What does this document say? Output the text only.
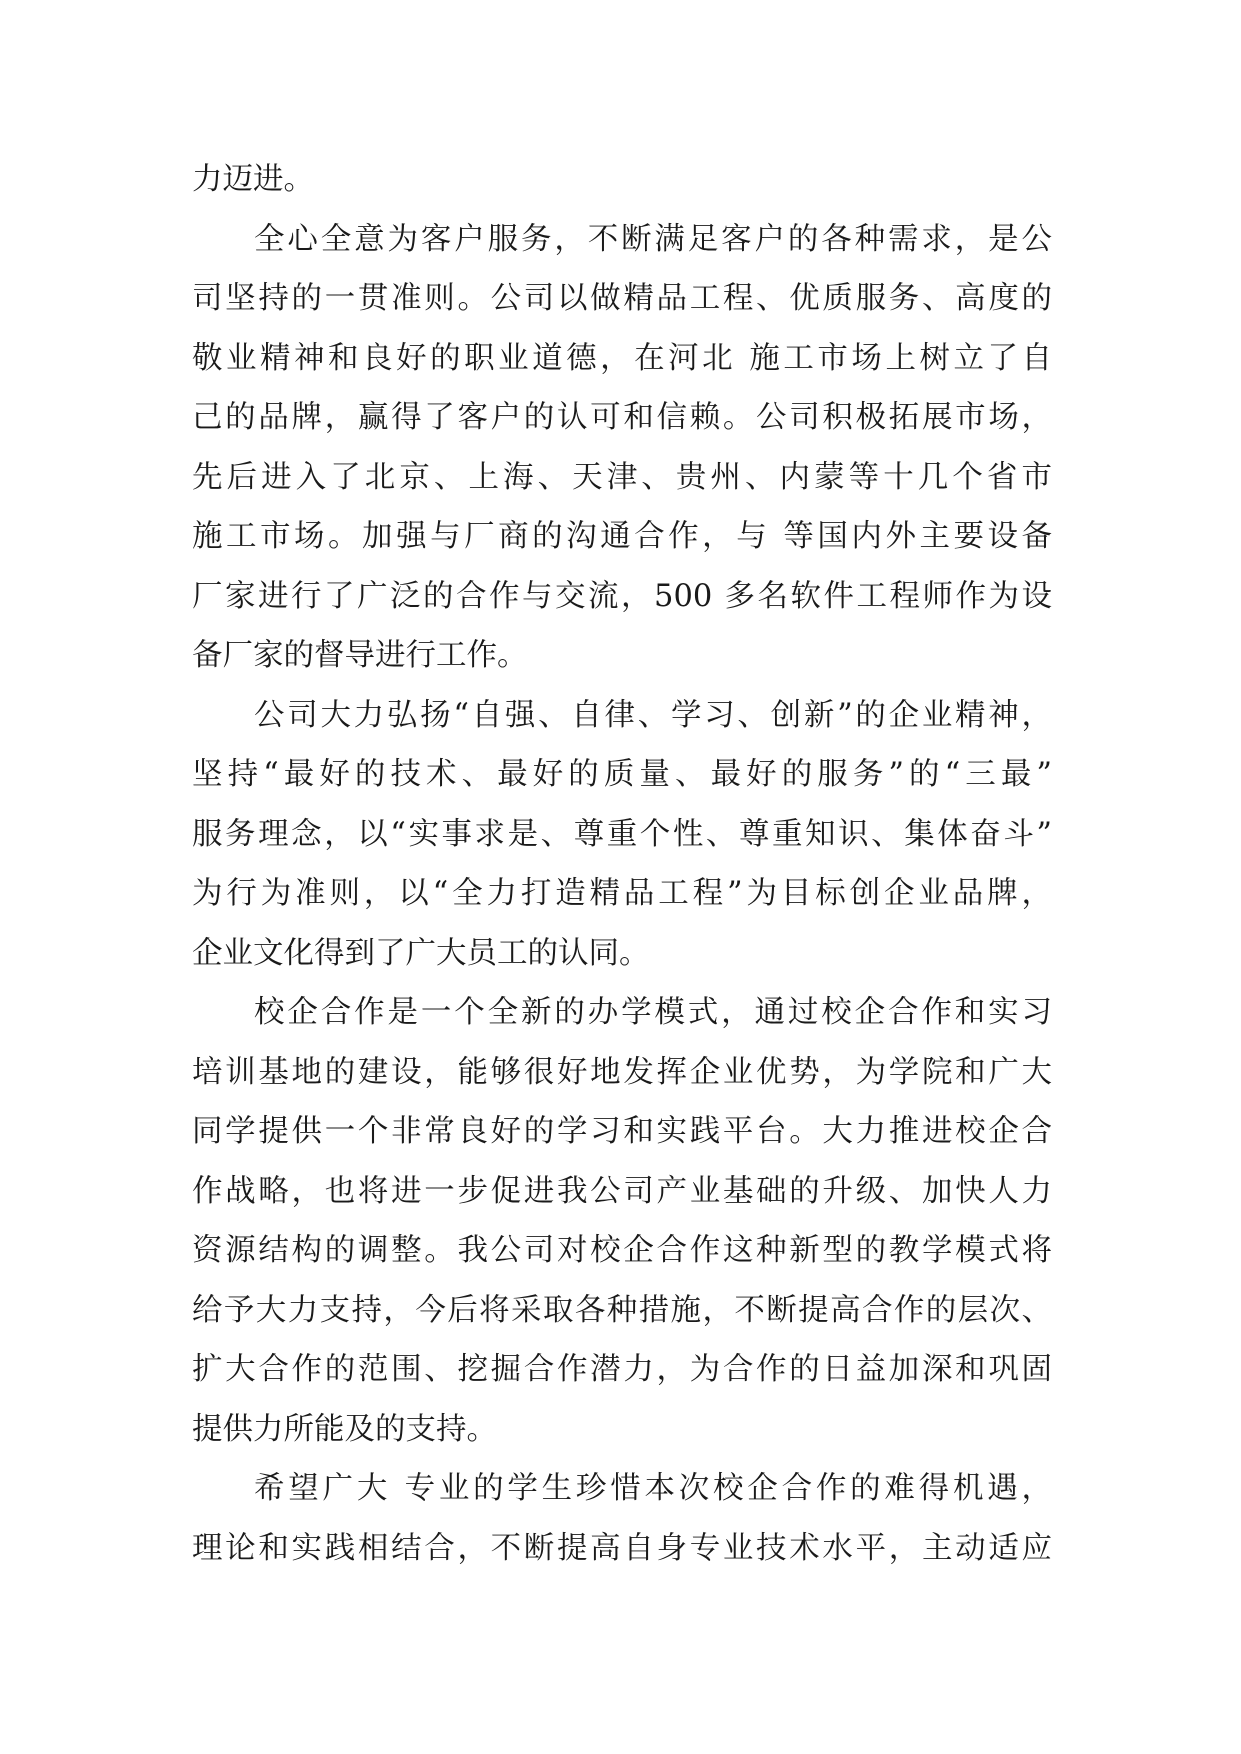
力迈进。
全心全意为客户服务，不断满足客户的各种需求，是公
司坚持的一贯准则。公司以做精品工程、优质服务、高度的
敬业精神和良好的职业道德，在河北 施工市场上树立了自
己的品牌，赢得了客户的认可和信赖。公司积极拓展市场，
先后进入了北京、上海、天津、贵州、内蒙等十几个省市
施工市场。加强与厂商的沟通合作，与 等国内外主要设备
厂家进行了广泛的合作与交流，500 多名软件工程师作为设
备厂家的督导进行工作。
公司大力弘扬“自强、自律、学习、创新”的企业精神，
坚持“最好的技术、最好的质量、最好的服务”的“三最”
服务理念，以“实事求是、尊重个性、尊重知识、集体奋斗”
为行为准则，以“全力打造精品工程”为目标创企业品牌，
企业文化得到了广大员工的认同。
校企合作是一个全新的办学模式，通过校企合作和实习
培训基地的建设，能够很好地发挥企业优势，为学院和广大
同学提供一个非常良好的学习和实践平台。大力推进校企合
作战略，也将进一步促进我公司产业基础的升级、加快人力
资源结构的调整。我公司对校企合作这种新型的教学模式将
给予大力支持，今后将采取各种措施，不断提高合作的层次、
扩大合作的范围、挖掘合作潜力，为合作的日益加深和巩固
提供力所能及的支持。
希望广大 专业的学生珍惜本次校企合作的难得机遇，
理论和实践相结合，不断提高自身专业技术水平，主动适应
